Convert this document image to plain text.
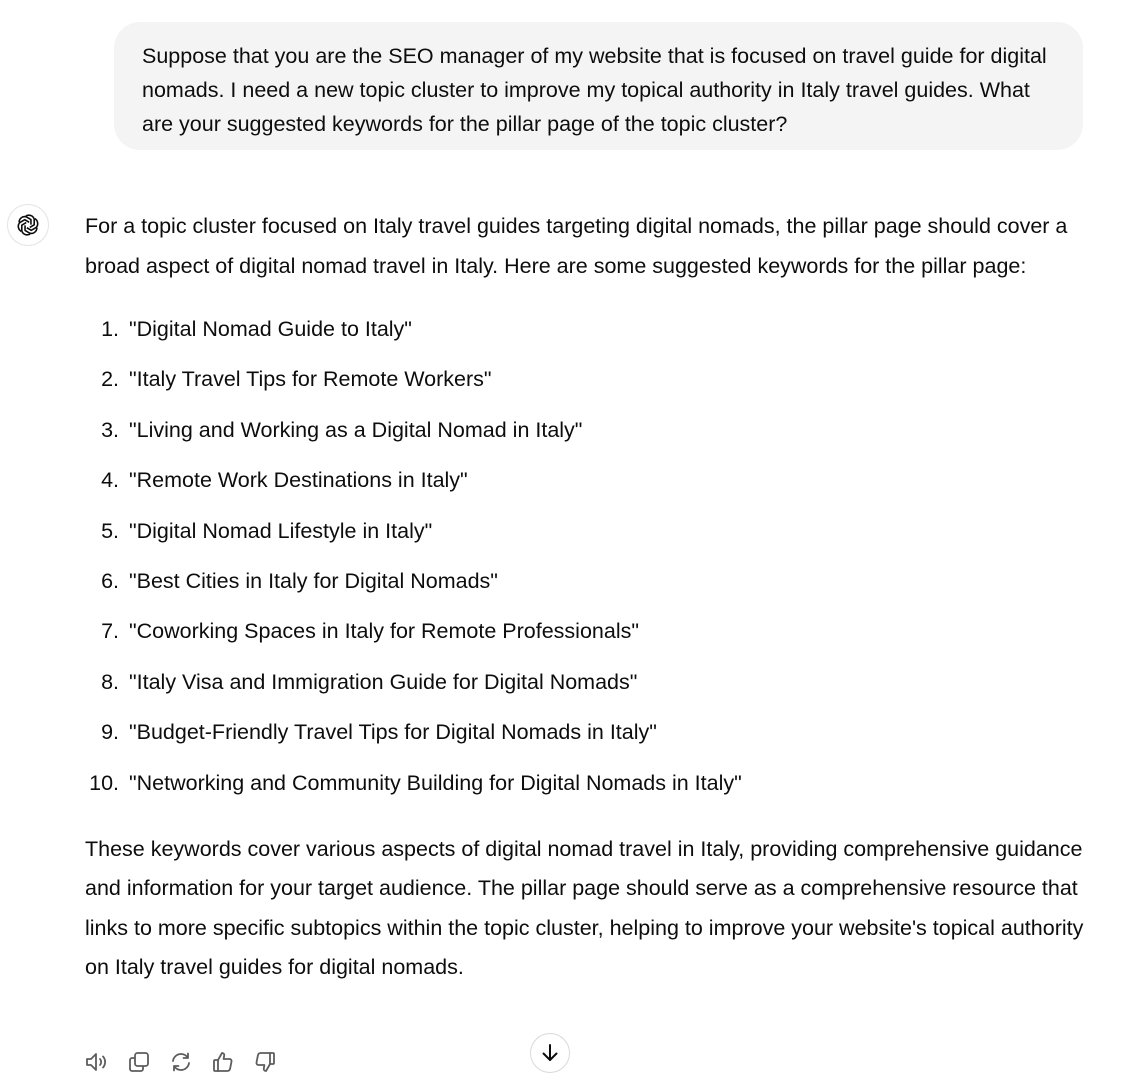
Suppose that you are the SEO manager of my website that is focused on travel guide for digital nomads. I need a new topic cluster to improve my topical authority in Italy travel guides. What are your suggested keywords for the pillar page of the topic cluster?

For a topic cluster focused on Italy travel guides targeting digital nomads, the pillar page should cover a broad aspect of digital nomad travel in Italy. Here are some suggested keywords for the pillar page:

1. "Digital Nomad Guide to Italy"
2. "Italy Travel Tips for Remote Workers"
3. "Living and Working as a Digital Nomad in Italy"
4. "Remote Work Destinations in Italy"
5. "Digital Nomad Lifestyle in Italy"
6. "Best Cities in Italy for Digital Nomads"
7. "Coworking Spaces in Italy for Remote Professionals"
8. "Italy Visa and Immigration Guide for Digital Nomads"
9. "Budget-Friendly Travel Tips for Digital Nomads in Italy"
10. "Networking and Community Building for Digital Nomads in Italy"

These keywords cover various aspects of digital nomad travel in Italy, providing comprehensive guidance and information for your target audience. The pillar page should serve as a comprehensive resource that links to more specific subtopics within the topic cluster, helping to improve your website's topical authority on Italy travel guides for digital nomads.
